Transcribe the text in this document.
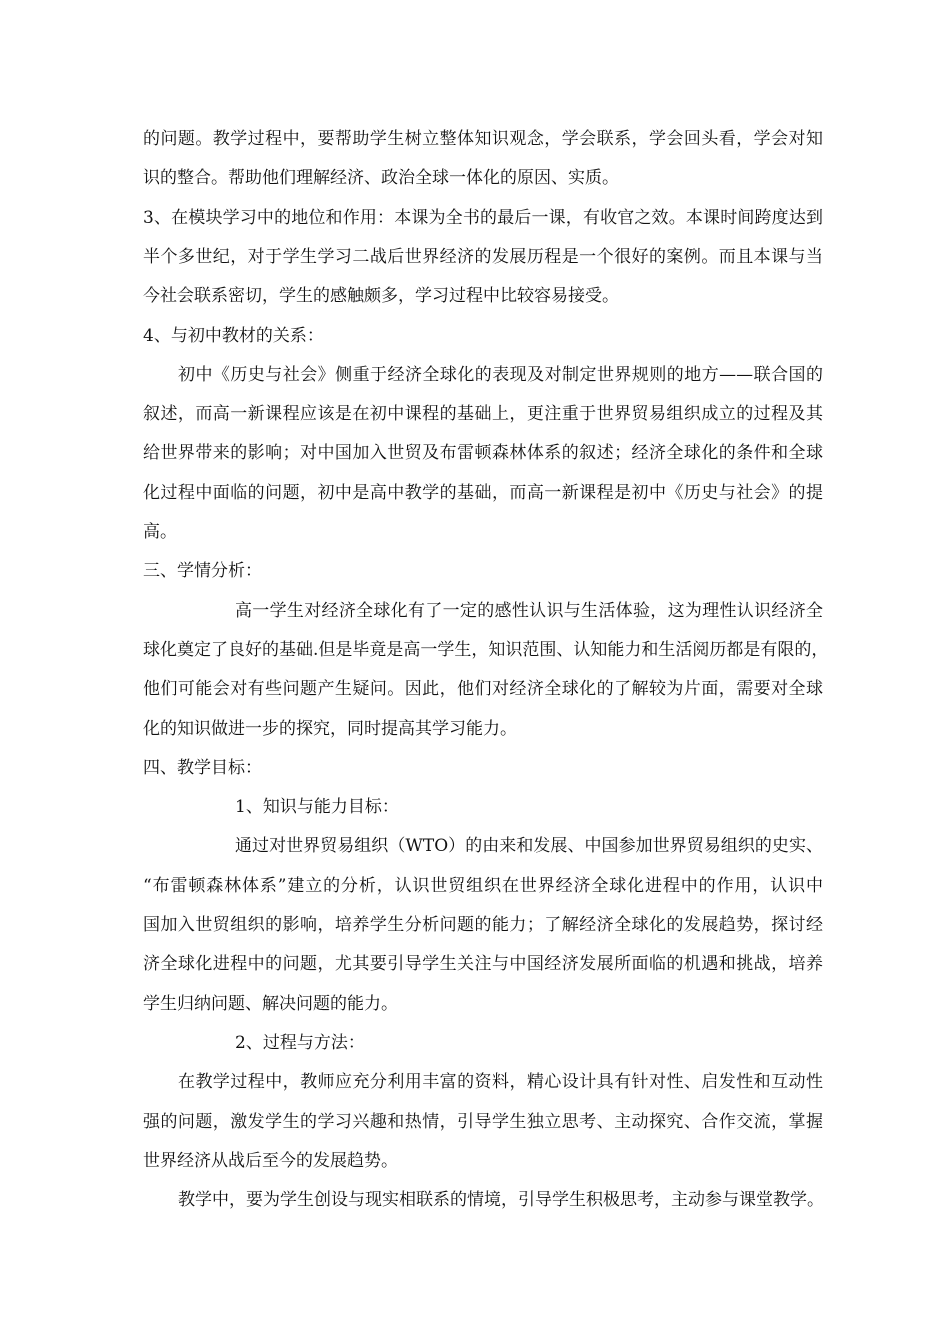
的问题。教学过程中，要帮助学生树立整体知识观念，学会联系，学会回头看，学会对知
识的整合。帮助他们理解经济、政治全球一体化的原因、实质。
3、在模块学习中的地位和作用：本课为全书的最后一课，有收官之效。本课时间跨度达到
半个多世纪，对于学生学习二战后世界经济的发展历程是一个很好的案例。而且本课与当
今社会联系密切，学生的感触颇多，学习过程中比较容易接受。
4、与初中教材的关系：
初中《历史与社会》侧重于经济全球化的表现及对制定世界规则的地方——联合国的
叙述，而高一新课程应该是在初中课程的基础上，更注重于世界贸易组织成立的过程及其
给世界带来的影响；对中国加入世贸及布雷顿森林体系的叙述；经济全球化的条件和全球
化过程中面临的问题，初中是高中教学的基础，而高一新课程是初中《历史与社会》的提
高。
三、学情分析：
高一学生对经济全球化有了一定的感性认识与生活体验，这为理性认识经济全
球化奠定了良好的基础.但是毕竟是高一学生，知识范围、认知能力和生活阅历都是有限的，
他们可能会对有些问题产生疑问。因此，他们对经济全球化的了解较为片面，需要对全球
化的知识做进一步的探究，同时提高其学习能力。
四、教学目标：
1、知识与能力目标：
通过对世界贸易组织（WTO）的由来和发展、中国参加世界贸易组织的史实、
“布雷顿森林体系”建立的分析，认识世贸组织在世界经济全球化进程中的作用，认识中
国加入世贸组织的影响，培养学生分析问题的能力；了解经济全球化的发展趋势，探讨经
济全球化进程中的问题，尤其要引导学生关注与中国经济发展所面临的机遇和挑战，培养
学生归纳问题、解决问题的能力。
2、过程与方法：
在教学过程中，教师应充分利用丰富的资料，精心设计具有针对性、启发性和互动性
强的问题，激发学生的学习兴趣和热情，引导学生独立思考、主动探究、合作交流，掌握
世界经济从战后至今的发展趋势。
教学中，要为学生创设与现实相联系的情境，引导学生积极思考，主动参与课堂教学。
